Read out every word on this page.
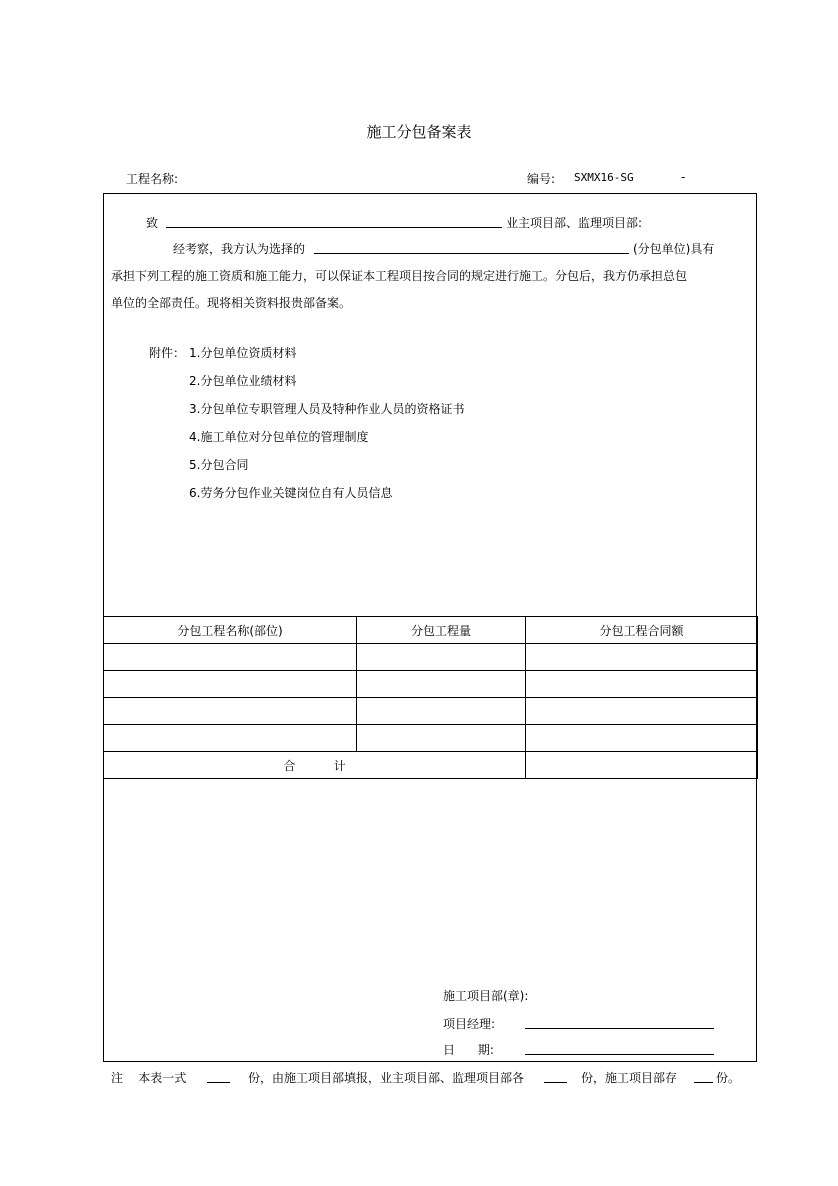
施工分包备案表
工程名称:	编号: SXMX16-SG	-
致	业主项目部、监理项目部:
经考察，我方认为选择的	(分包单位)具有
承担下列工程的施工资质和施工能力，可以保证本工程项目按合同的规定进行施工。分包后，我方仍承担总包
单位的全部责任。现将相关资料报贵部备案。
附件： 1.分包单位资质材料
2.分包单位业绩材料
3.分包单位专职管理人员及特种作业人员的资格证书
4.施工单位对分包单位的管理制度
5.分包合同
6.劳务分包作业关键岗位自有人员信息
分包工程名称(部位)	分包工程量	分包工程合同额

合          计		
施工项目部(章):
项目经理:
日      期:
注    本表一式	份，由施工项目部填报，业主项目部、监理项目部各	份，施工项目部存	份。
